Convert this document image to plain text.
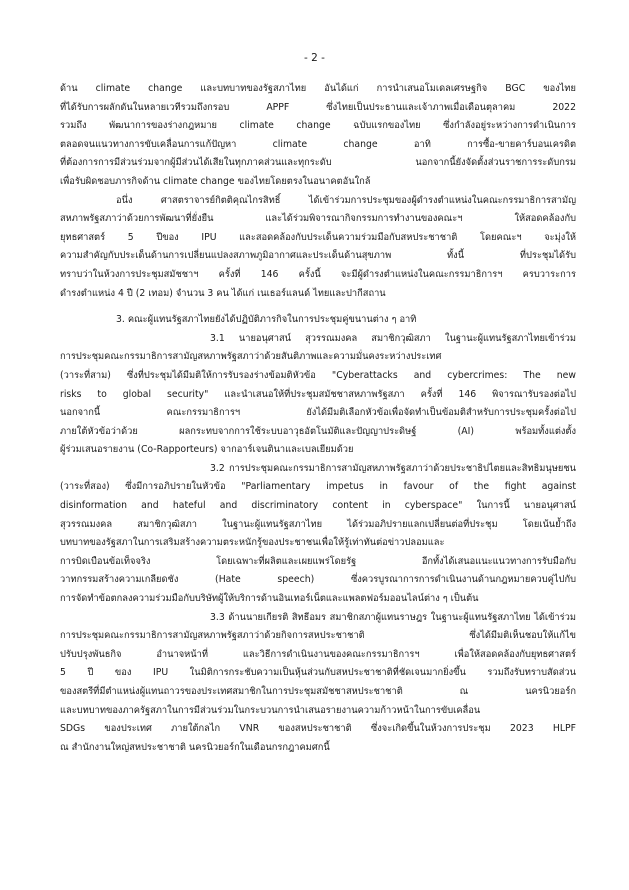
- 2 -
ด้าน climate change และบทบาทของรัฐสภาไทย อันได้แก่ การนำเสนอโมเดลเศรษฐกิจ BGC ของไทย
ที่ได้รับการผลักดันในหลายเวทีรวมถึงกรอบ APPF ซึ่งไทยเป็นประธานและเจ้าภาพเมื่อเดือนตุลาคม 2022
รวมถึง พัฒนาการของร่างกฎหมาย climate change ฉบับแรกของไทย ซึ่งกำลังอยู่ระหว่างการดำเนินการ
ตลอดจนแนวทางการขับเคลื่อนการแก้ปัญหา climate change อาทิ การซื้อ-ขายคาร์บอนเครดิต
ที่ต้องการการมีส่วนร่วมจากผู้มีส่วนได้เสียในทุกภาคส่วนและทุกระดับ นอกจากนี้ยังจัดตั้งส่วนราชการระดับกรม
เพื่อรับผิดชอบภารกิจด้าน climate change ของไทยโดยตรงในอนาคตอันใกล้
อนึ่ง ศาสตราจารย์กิตติคุณไกรสิทธิ์ ได้เข้าร่วมการประชุมของผู้ดำรงตำแหน่งในคณะกรรมาธิการสามัญ
สหภาพรัฐสภาว่าด้วยการพัฒนาที่ยั่งยืน และได้ร่วมพิจารณากิจกรรมการทำงานของคณะฯ ให้สอดคล้องกับ
ยุทธศาสตร์ 5 ปีของ IPU และสอดคล้องกับประเด็นความร่วมมือกับสหประชาชาติ โดยคณะฯ จะมุ่งให้
ความสำคัญกับประเด็นด้านการเปลี่ยนแปลงสภาพภูมิอากาศและประเด็นด้านสุขภาพ ทั้งนี้ ที่ประชุมได้รับ
ทราบว่าในห้วงการประชุมสมัชชาฯ ครั้งที่ 146 ครั้งนี้ จะมีผู้ดำรงตำแหน่งในคณะกรรมาธิการฯ ครบวาระการ
ดำรงตำแหน่ง 4 ปี (2 เทอม) จำนวน 3 คน ได้แก่ เนเธอร์แลนด์ ไทยและปากีสถาน
3. คณะผู้แทนรัฐสภาไทยยังได้ปฏิบัติภารกิจในการประชุมคู่ขนานต่าง ๆ อาทิ
3.1 นายอนุศาสน์ สุวรรณมงคล สมาชิกวุฒิสภา ในฐานะผู้แทนรัฐสภาไทยเข้าร่วม
การประชุมคณะกรรมาธิการสามัญสหภาพรัฐสภาว่าด้วยสันติภาพและความมั่นคงระหว่างประเทศ
(วาระที่สาม) ซึ่งที่ประชุมได้มีมติให้การรับรองร่างข้อมติหัวข้อ "Cyberattacks and cybercrimes: The new
risks to global security" และนำเสนอให้ที่ประชุมสมัชชาสหภาพรัฐสภา ครั้งที่ 146 พิจารณารับรองต่อไป
นอกจากนี้ คณะกรรมาธิการฯ ยังได้มีมติเลือกหัวข้อเพื่อจัดทำเป็นข้อมติสำหรับการประชุมครั้งต่อไป
ภายใต้หัวข้อว่าด้วย ผลกระทบจากการใช้ระบบอาวุธอัตโนมัติและปัญญาประดิษฐ์ (AI) พร้อมทั้งแต่งตั้ง
ผู้ร่วมเสนอรายงาน (Co-Rapporteurs) จากอาร์เจนตินาและเบลเยียมด้วย
3.2 การประชุมคณะกรรมาธิการสามัญสหภาพรัฐสภาว่าด้วยประชาธิปไตยและสิทธิมนุษยชน
(วาระที่สอง) ซึ่งมีการอภิปรายในหัวข้อ "Parliamentary impetus in favour of the fight against
disinformation and hateful and discriminatory content in cyberspace" ในการนี้ นายอนุศาสน์
สุวรรณมงคล สมาชิกวุฒิสภา ในฐานะผู้แทนรัฐสภาไทย ได้ร่วมอภิปรายแลกเปลี่ยนต่อที่ประชุม โดยเน้นย้ำถึง
บทบาทของรัฐสภาในการเสริมสร้างความตระหนักรู้ของประชาชนเพื่อให้รู้เท่าทันต่อข่าวปลอมและ
การบิดเบือนข้อเท็จจริง โดยเฉพาะที่ผลิตและเผยแพร่โดยรัฐ อีกทั้งได้เสนอแนะแนวทางการรับมือกับ
วาทกรรมสร้างความเกลียดชัง (Hate speech) ซึ่งควรบูรณาการการดำเนินงานด้านกฎหมายควบคู่ไปกับ
การจัดทำข้อตกลงความร่วมมือกับบริษัทผู้ให้บริการด้านอินเทอร์เน็ตและแพลตฟอร์มออนไลน์ต่าง ๆ เป็นต้น
3.3 ด้านนายเกียรติ สิทธีอมร สมาชิกสภาผู้แทนราษฎร ในฐานะผู้แทนรัฐสภาไทย ได้เข้าร่วม
การประชุมคณะกรรมาธิการสามัญสหภาพรัฐสภาว่าด้วยกิจการสหประชาชาติ ซึ่งได้มีมติเห็นชอบให้แก้ไข
ปรับปรุงพันธกิจ อำนาจหน้าที่ และวิธีการดำเนินงานของคณะกรรมาธิการฯ เพื่อให้สอดคล้องกับยุทธศาสตร์
5 ปี ของ IPU ในมิติการกระชับความเป็นหุ้นส่วนกับสหประชาชาติที่ชัดเจนมากยิ่งขึ้น รวมถึงรับทราบสัดส่วน
ของสตรีที่มีตำแหน่งผู้แทนถาวรของประเทศสมาชิกในการประชุมสมัชชาสหประชาชาติ ณ นครนิวยอร์ก
และบทบาทของภาครัฐสภาในการมีส่วนร่วมในกระบวนการนำเสนอรายงานความก้าวหน้าในการขับเคลื่อน
SDGs ของประเทศ ภายใต้กลไก VNR ของสหประชาชาติ ซึ่งจะเกิดขึ้นในห้วงการประชุม 2023 HLPF
ณ สำนักงานใหญ่สหประชาชาติ นครนิวยอร์กในเดือนกรกฎาคมศกนี้
